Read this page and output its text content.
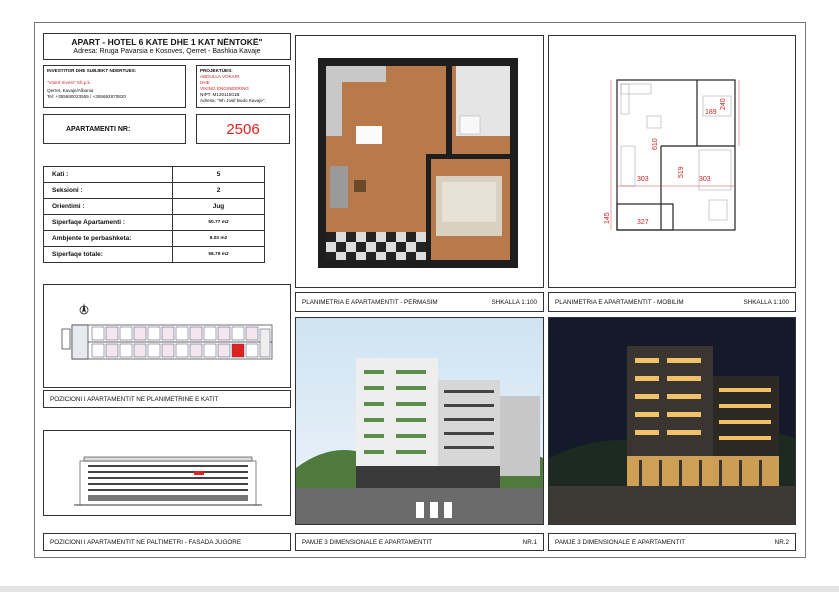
APART - HOTEL 6 KATE DHE 1 KAT NËNTOKË"
Adresa: Rruga Pavarsia e Kosoves, Qerret - Bashkia Kavaje
INVESTITOR DHE SUBJEKT NDERTUES:
"Volert Invest" Sh.p.k.
Qerret, Kavaje/Albania
Tel: +355680023555 / +355692870820
PROJEKTUES:
ABDULLA VOKARI
DHE
VIKING ENGINEERING
NIPT: M13011501B
Adresa: "Ish Josif Budo Kavaje",
APARTAMENTI NR:	2506
Kati :	5
Seksioni :	2
Orientimi :	Jug
Siperfaqe Apartamenti :	50.77 m2
Ambjente te perbashketa:	8.02 m2
Siperfaqe totale:	58.79 m2
POZICIONI I APARTAMENTIT NE PLANIMETRINE E KATIT
POZICIONI I APARTAMENTIT NE PALTIMETRI - FASADA JUGORE
PLANIMETRIA E APARTAMENTIT - PERMASIM	SHKALLA 1:100
303	303
519
240
189
327
610
145
PLANIMETRIA E APARTAMENTIT - MOBILIM	SHKALLA 1:100
PAMJE 3 DIMENSIONALE E APARTAMENTIT	NR.1	PAMJE 3 DIMENSIONALE E APARTAMENTIT	NR.2
